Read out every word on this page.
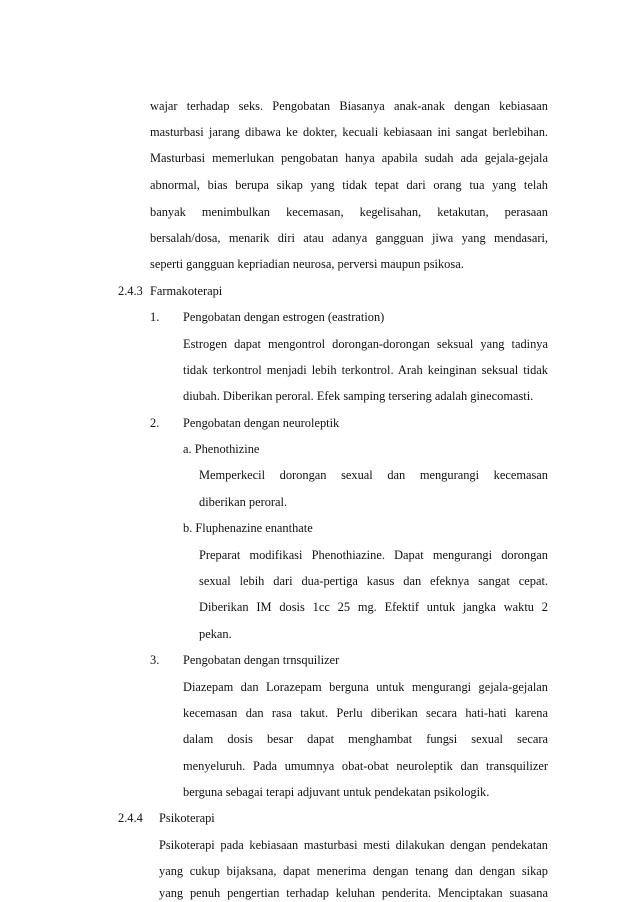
wajar terhadap seks. Pengobatan Biasanya anak-anak dengan kebiasaan
masturbasi jarang dibawa ke dokter, kecuali kebiasaan ini sangat berlebihan.
Masturbasi memerlukan pengobatan hanya apabila sudah ada gejala-gejala
abnormal, bias berupa sikap yang tidak tepat dari orang tua yang telah
banyak menimbulkan kecemasan, kegelisahan, ketakutan, perasaan
bersalah/dosa, menarik diri atau adanya gangguan jiwa yang mendasari,
seperti gangguan kepriadian neurosa, perversi maupun psikosa.
2.4.3 Farmakoterapi
1. Pengobatan dengan estrogen (eastration)
Estrogen dapat mengontrol dorongan-dorongan seksual yang tadinya
tidak terkontrol menjadi lebih terkontrol. Arah keinginan seksual tidak
diubah. Diberikan peroral. Efek samping tersering adalah ginecomasti.
2. Pengobatan dengan neuroleptik
a. Phenothizine
Memperkecil dorongan sexual dan mengurangi kecemasan
diberikan peroral.
b. Fluphenazine enanthate
Preparat modifikasi Phenothiazine. Dapat mengurangi dorongan
sexual lebih dari dua-pertiga kasus dan efeknya sangat cepat.
Diberikan IM dosis 1cc 25 mg. Efektif untuk jangka waktu 2
pekan.
3. Pengobatan dengan trnsquilizer
Diazepam dan Lorazepam berguna untuk mengurangi gejala-gejalan
kecemasan dan rasa takut. Perlu diberikan secara hati-hati karena
dalam dosis besar dapat menghambat fungsi sexual secara
menyeluruh. Pada umumnya obat-obat neuroleptik dan transquilizer
berguna sebagai terapi adjuvant untuk pendekatan psikologik.
2.4.4 Psikoterapi
Psikoterapi pada kebiasaan masturbasi mesti dilakukan dengan pendekatan
yang cukup bijaksana, dapat menerima dengan tenang dan dengan sikap
yang penuh pengertian terhadap keluhan penderita. Menciptakan suasana
